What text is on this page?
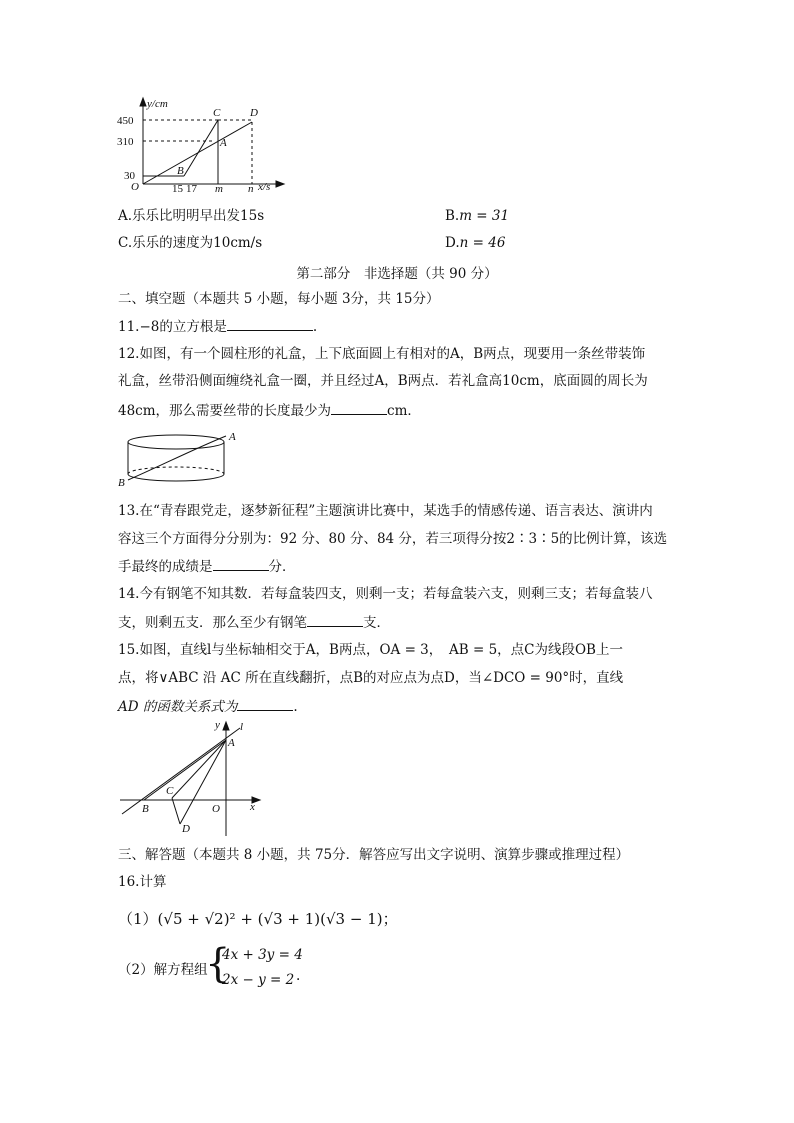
y/cm
x/s
O
450
310
30
15 17 m n
C	D
A
B
A.乐乐比明明早出发15s	B.m = 31
C.乐乐的速度为10cm/s	D.n = 46
第二部分　非选择题（共 90 分）
二、填空题（本题共 5 小题，每小题 3分，共 15分）
11.−8的立方根是	.
12.如图，有一个圆柱形的礼盒，上下底面圆上有相对的A，B两点，现要用一条丝带装饰
礼盒，丝带沿侧面缠绕礼盒一圈，并且经过A，B两点．若礼盒高10cm，底面圆的周长为
48cm，那么需要丝带的长度最少为	cm．
A
B
13.在“青春跟党走，逐梦新征程”主题演讲比赛中，某选手的情感传递、语言表达、演讲内
容这三个方面得分分别为：92 分、80 分、84 分，若三项得分按2∶3∶5的比例计算，该选
手最终的成绩是	分．
14.今有钢笔不知其数．若每盒装四支，则剩一支；若每盒装六支，则剩三支；若每盒装八
支，则剩五支．那么至少有钢笔	支．
15.如图，直线l与坐标轴相交于A，B两点，OA = 3，　AB = 5，点C为线段OB上一
点，将∨ABC 沿 AC 所在直线翻折，点B的对应点为点D，当∠DCO = 90°时，直线
AD 的函数关系式为	.
y
x
l
A
B
C
O
D
三、解答题（本题共 8 小题，共 75分．解答应写出文字说明、演算步骤或推理过程）
16.计算
（1）(√5 + √2)² + (√3 + 1)(√3 − 1)；
（2）解方程组
{
4x + 3y = 4
2x − y = 2 .
